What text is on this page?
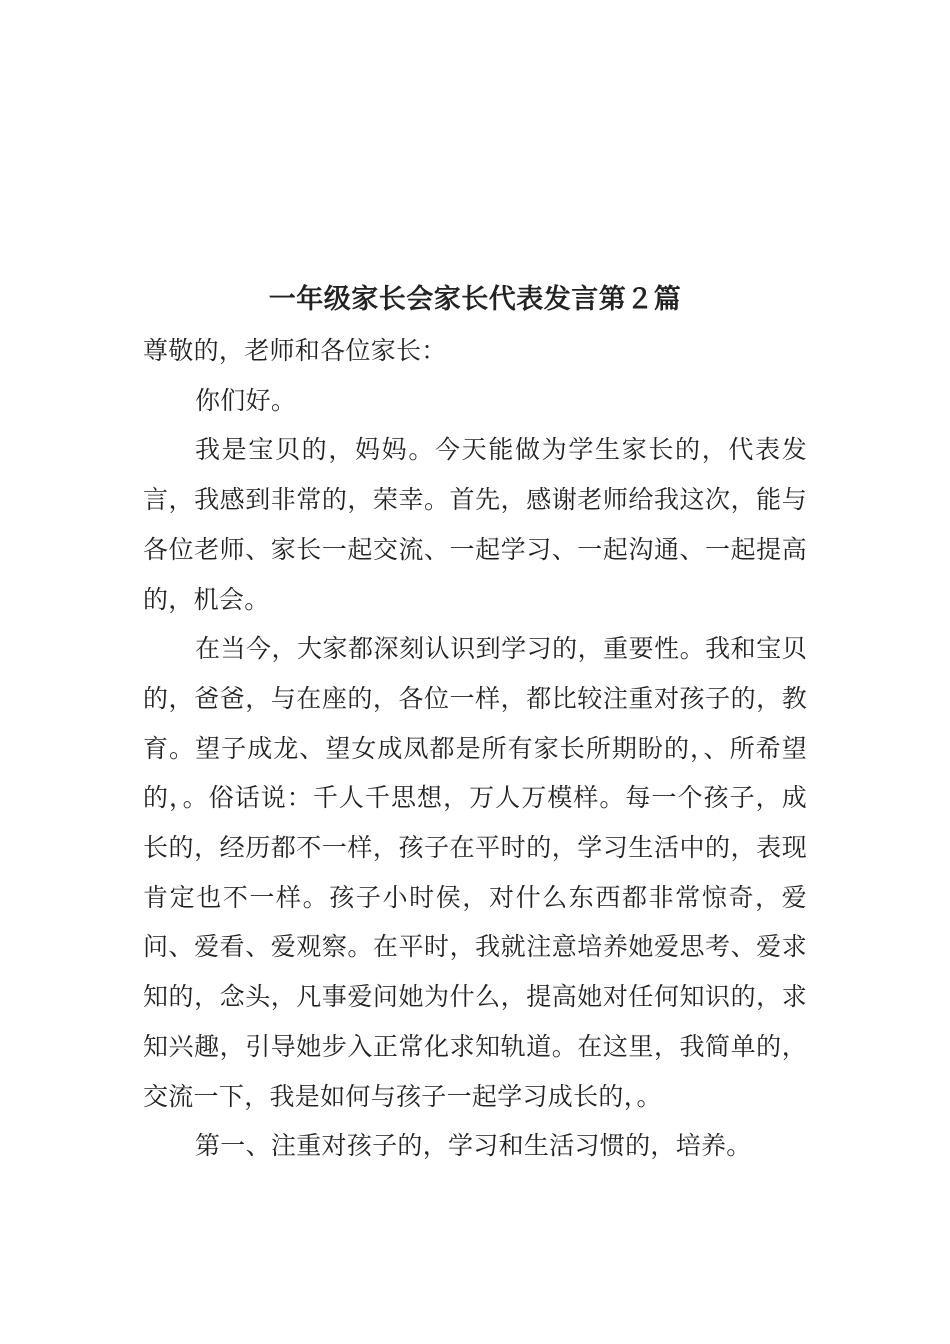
一年级家长会家长代表发言第２篇

尊敬的，老师和各位家长：

你们好。

我是宝贝的，妈妈。今天能做为学生家长的，代表发言，我感到非常的，荣幸。首先，感谢老师给我这次，能与各位老师、家长一起交流、一起学习、一起沟通、一起提高的，机会。

在当今，大家都深刻认识到学习的，重要性。我和宝贝的，爸爸，与在座的，各位一样，都比较注重对孩子的，教育。望子成龙、望女成凤都是所有家长所期盼的，、所希望的，。俗话说：千人千思想，万人万模样。每一个孩子，成长的，经历都不一样，孩子在平时的，学习生活中的，表现肯定也不一样。孩子小时侯，对什么东西都非常惊奇，爱问、爱看、爱观察。在平时，我就注意培养她爱思考、爱求知的，念头，凡事爱问她为什么，提高她对任何知识的，求知兴趣，引导她步入正常化求知轨道。在这里，我简单的，交流一下，我是如何与孩子一起学习成长的，。

第一、注重对孩子的，学习和生活习惯的，培养。
